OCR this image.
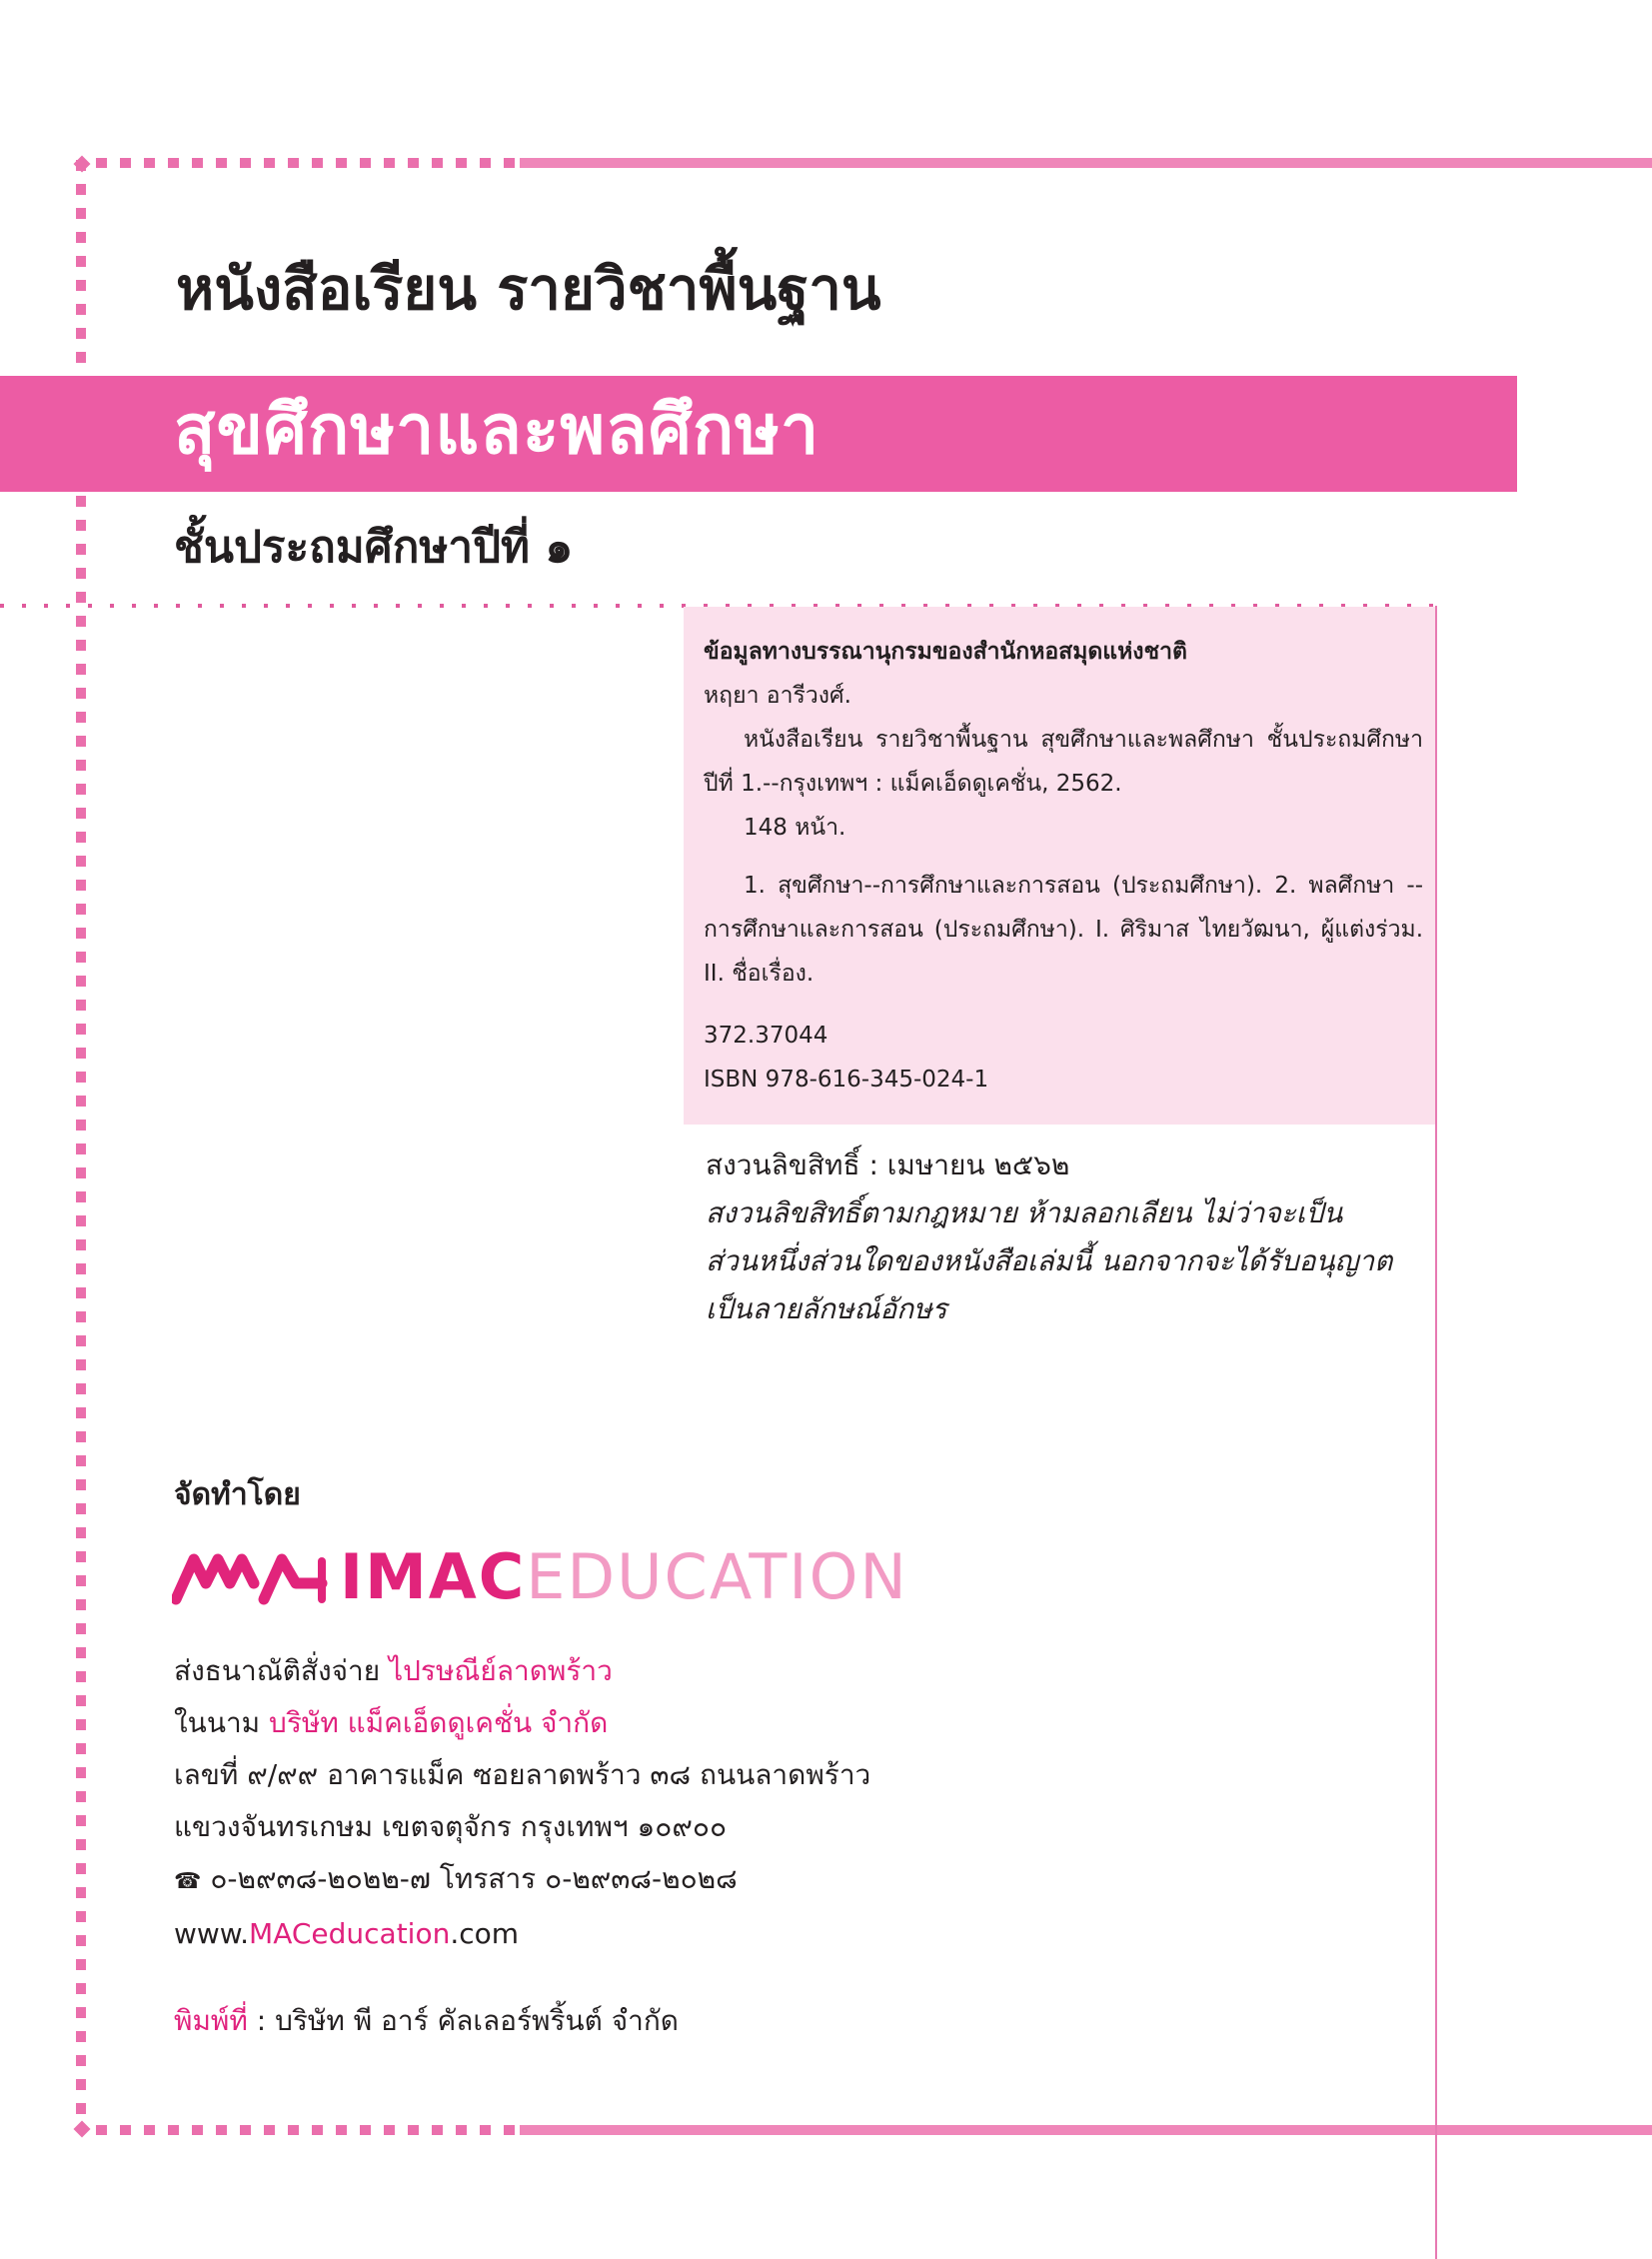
หนังสือเรียน รายวิชาพื้นฐาน
สุขศึกษาและพลศึกษา
ชั้นประถมศึกษาปีที่ ๑
ข้อมูลทางบรรณานุกรมของสำนักหอสมุดแห่งชาติ
หฤยา อารีวงศ์.
หนังสือเรียน รายวิชาพื้นฐาน สุขศึกษาและพลศึกษา ชั้นประถมศึกษา ปีที่ 1.--กรุงเทพฯ : แม็คเอ็ดดูเคชั่น, 2562.
148 หน้า.
1. สุขศึกษา--การศึกษาและการสอน (ประถมศึกษา). 2. พลศึกษา --การศึกษาและการสอน (ประถมศึกษา). I. ศิริมาส ไทยวัฒนา, ผู้แต่งร่วม. II. ชื่อเรื่อง.
372.37044
ISBN 978-616-345-024-1
สงวนลิขสิทธิ์ : เมษายน ๒๕๖๒
สงวนลิขสิทธิ์ตามกฎหมาย ห้ามลอกเลียน ไม่ว่าจะเป็น
ส่วนหนึ่งส่วนใดของหนังสือเล่มนี้ นอกจากจะได้รับอนุญาต
เป็นลายลักษณ์อักษร
จัดทำโดย
IMACEDUCATION
ส่งธนาณัติสั่งจ่าย ไปรษณีย์ลาดพร้าว
ในนาม บริษัท แม็คเอ็ดดูเคชั่น จำกัด
เลขที่ ๙/๙๙ อาคารแม็ค ซอยลาดพร้าว ๓๘ ถนนลาดพร้าว
แขวงจันทรเกษม เขตจตุจักร กรุงเทพฯ ๑๐๙๐๐
☎ ๐-๒๙๓๘-๒๐๒๒-๗ โทรสาร ๐-๒๙๓๘-๒๐๒๘
www.MACeducation.com
พิมพ์ที่ : บริษัท พี อาร์ คัลเลอร์พริ้นต์ จำกัด
